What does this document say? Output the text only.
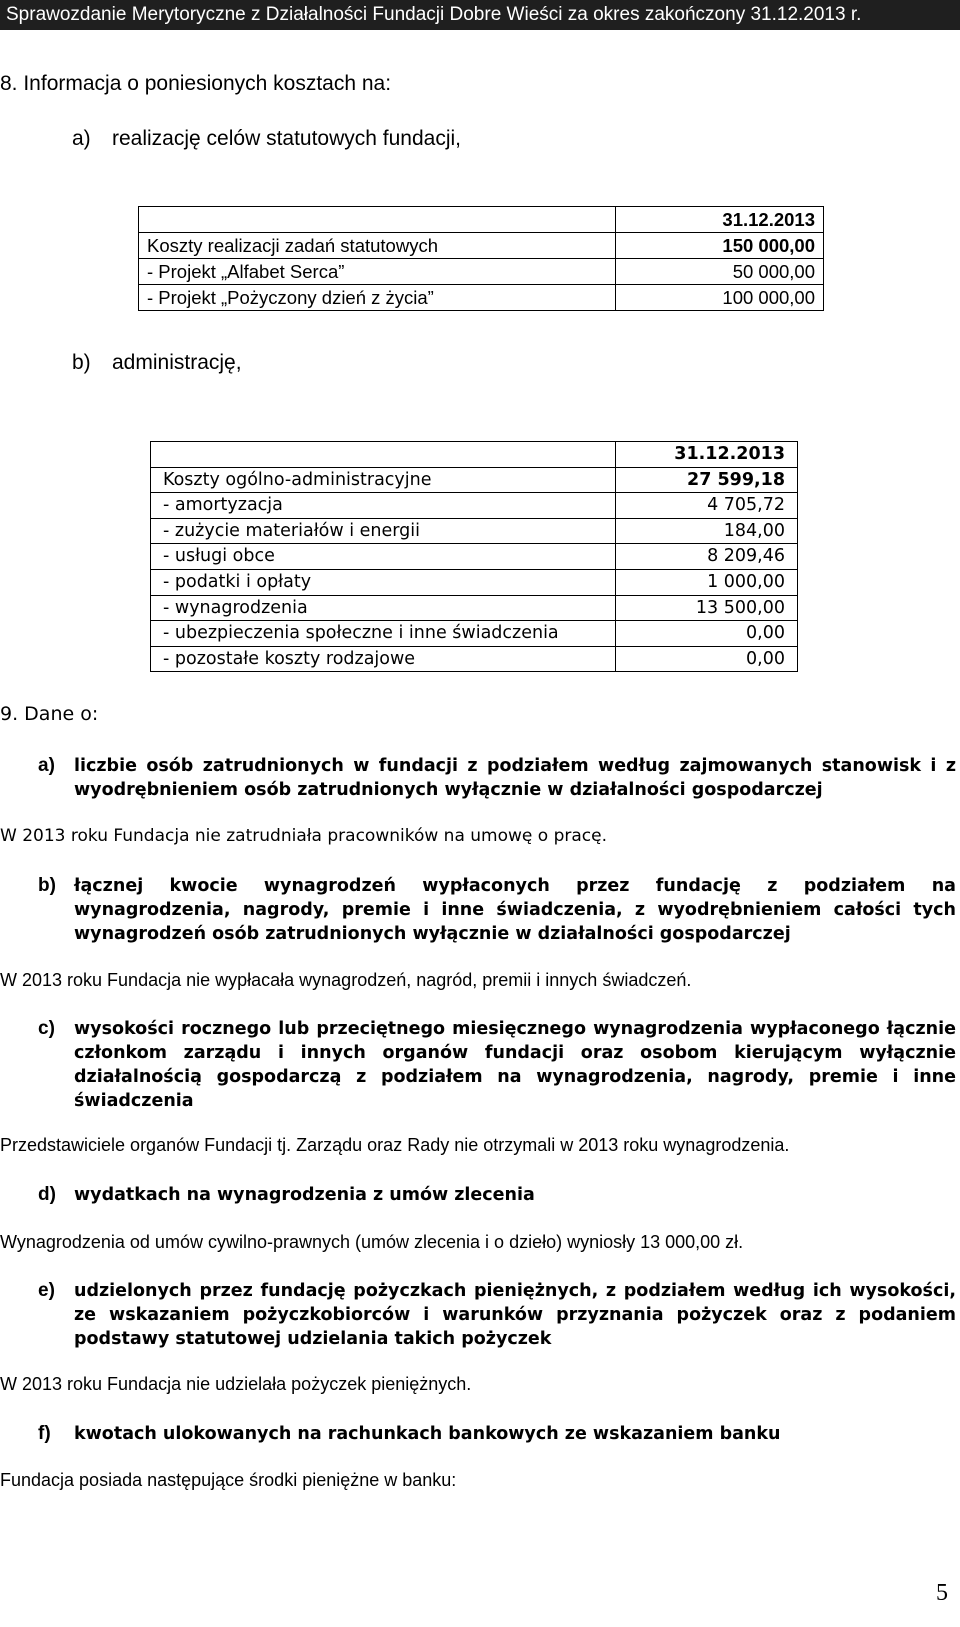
Sprawozdanie Merytoryczne z Działalności Fundacji Dobre Wieści za okres zakończony 31.12.2013 r.
8. Informacja o poniesionych kosztach na:
a) realizację celów statutowych fundacji,
	31.12.2013
Koszty realizacji zadań statutowych	150 000,00
- Projekt „Alfabet Serca”	50 000,00
- Projekt „Pożyczony dzień z życia”	100 000,00
b) administrację,
	31.12.2013
Koszty ogólno-administracyjne	27 599,18
- amortyzacja	4 705,72
- zużycie materiałów i energii	184,00
- usługi obce	8 209,46
- podatki i opłaty	1 000,00
- wynagrodzenia	13 500,00
- ubezpieczenia społeczne i inne świadczenia	0,00
- pozostałe koszty rodzajowe	0,00
9. Dane o:
a) liczbie osób zatrudnionych w fundacji z podziałem według zajmowanych stanowisk i z wyodrębnieniem osób zatrudnionych wyłącznie w działalności gospodarczej
W 2013 roku Fundacja nie zatrudniała pracowników na umowę o pracę.
b) łącznej kwocie wynagrodzeń wypłaconych przez fundację z podziałem na wynagrodzenia, nagrody, premie i inne świadczenia, z wyodrębnieniem całości tych wynagrodzeń osób zatrudnionych wyłącznie w działalności gospodarczej
W 2013 roku Fundacja nie wypłacała wynagrodzeń, nagród, premii i innych świadczeń.
c) wysokości rocznego lub przeciętnego miesięcznego wynagrodzenia wypłaconego łącznie członkom zarządu i innych organów fundacji oraz osobom kierującym wyłącznie działalnością gospodarczą z podziałem na wynagrodzenia, nagrody, premie i inne świadczenia
Przedstawiciele organów Fundacji tj. Zarządu oraz Rady nie otrzymali w 2013 roku wynagrodzenia.
d) wydatkach na wynagrodzenia z umów zlecenia
Wynagrodzenia od umów cywilno-prawnych (umów zlecenia i o dzieło) wyniosły 13 000,00 zł.
e) udzielonych przez fundację pożyczkach pieniężnych, z podziałem według ich wysokości, ze wskazaniem pożyczkobiorców i warunków przyznania pożyczek oraz z podaniem podstawy statutowej udzielania takich pożyczek
W 2013 roku Fundacja nie udzielała pożyczek pieniężnych.
f) kwotach ulokowanych na rachunkach bankowych ze wskazaniem banku
Fundacja posiada następujące środki pieniężne w banku:
5
